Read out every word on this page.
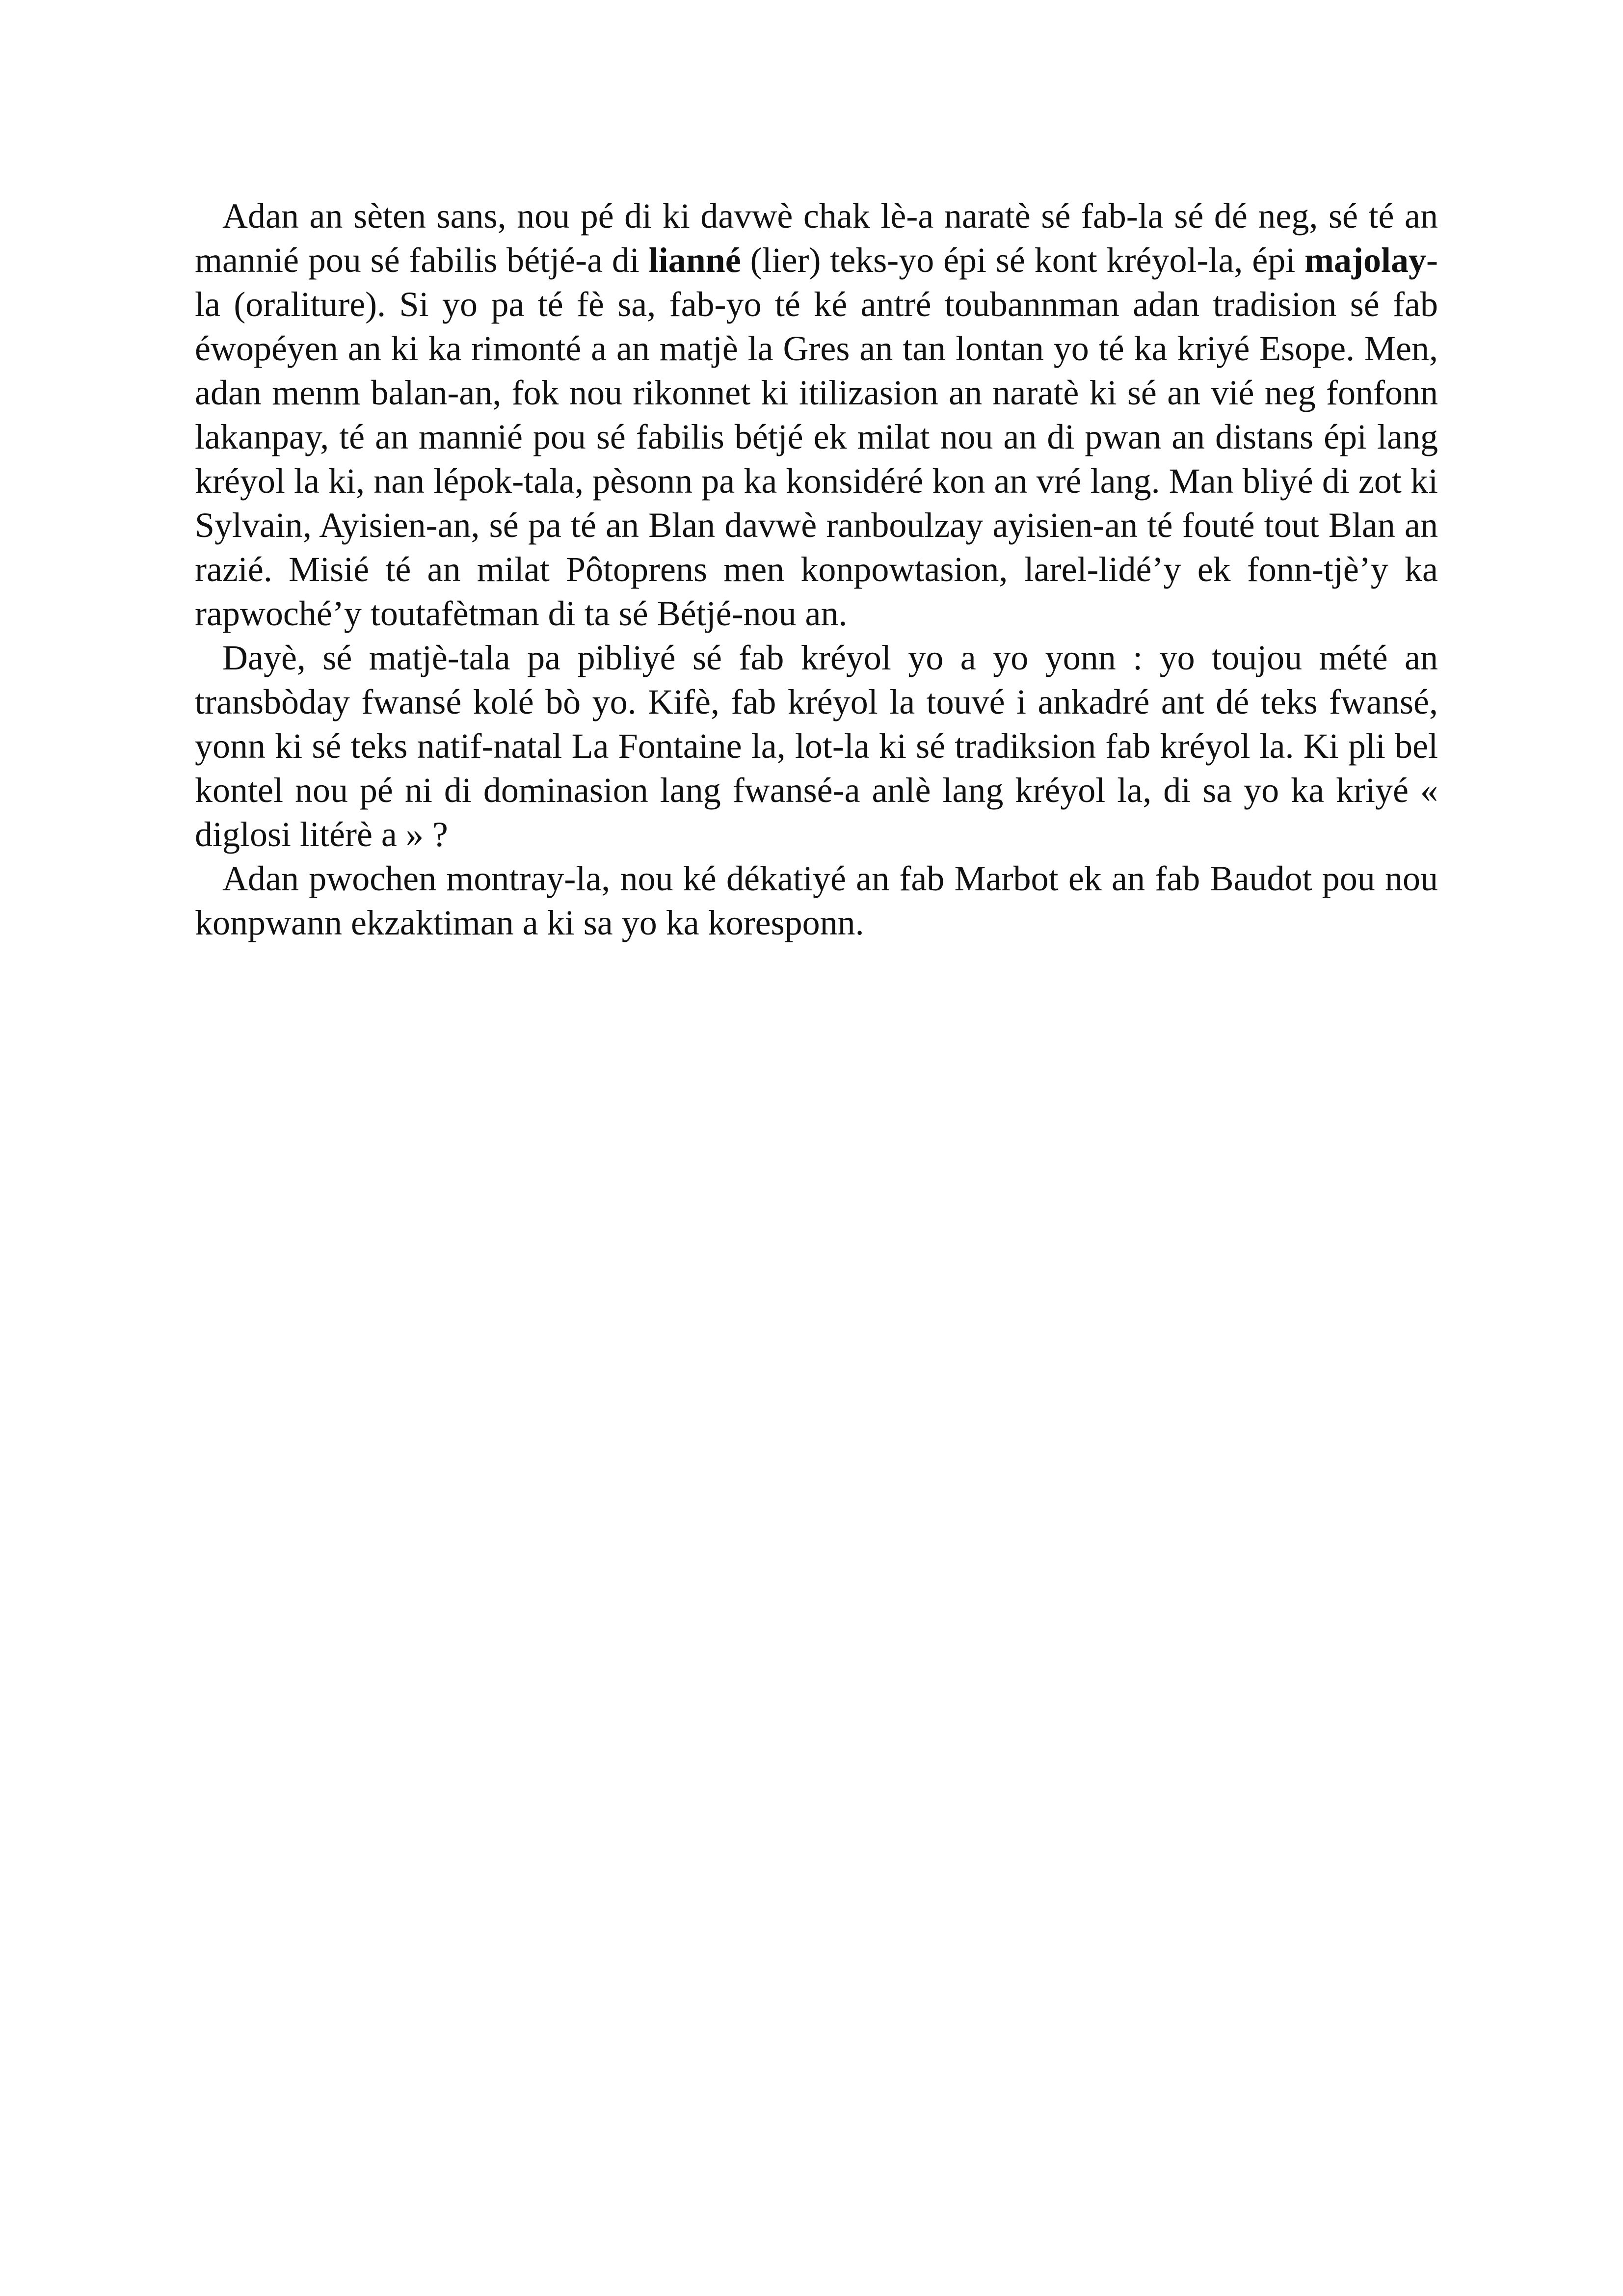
Adan an sèten sans, nou pé di ki davwè chak lè-a naratè sé fab-la sé dé neg, sé té an mannié pou sé fabilis bétjé-a di lianné (lier) teks-yo épi sé kont kréyol-la, épi majolay-la (oraliture). Si yo pa té fè sa, fab-yo té ké antré toubannman adan tradision sé fab éwopéyen an ki ka rimonté a an matjè la Gres an tan lontan yo té ka kriyé Esope. Men, adan menm balan-an, fok nou rikonnet ki itilizasion an naratè ki sé an vié neg fonfonn lakanpay, té an mannié pou sé fabilis bétjé ek milat nou an di pwan an distans épi lang kréyol la ki, nan lépok-tala, pèsonn pa ka konsidéré kon an vré lang. Man bliyé di zot ki Sylvain, Ayisien-an, sé pa té an Blan davwè ranboulzay ayisien-an té fouté tout Blan an razié. Misié té an milat Pôtoprens men konpowtasion, larel-lidé’y ek fonn-tjè’y ka rapwoché’y toutafètman di ta sé Bétjé-nou an.

Dayè, sé matjè-tala pa pibliyé sé fab kréyol yo a yo yonn : yo toujou mété an transbòday fwansé kolé bò yo. Kifè, fab kréyol la touvé i ankadré ant dé teks fwansé, yonn ki sé teks natif-natal La Fontaine la, lot-la ki sé tradiksion fab kréyol la. Ki pli bel kontel nou pé ni di dominasion lang fwansé-a anlè lang kréyol la, di sa yo ka kriyé « diglosi litérè a » ?

Adan pwochen montray-la, nou ké dékatiyé an fab Marbot ek an fab Baudot pou nou konpwann ekzaktiman a ki sa yo ka koresponn.
